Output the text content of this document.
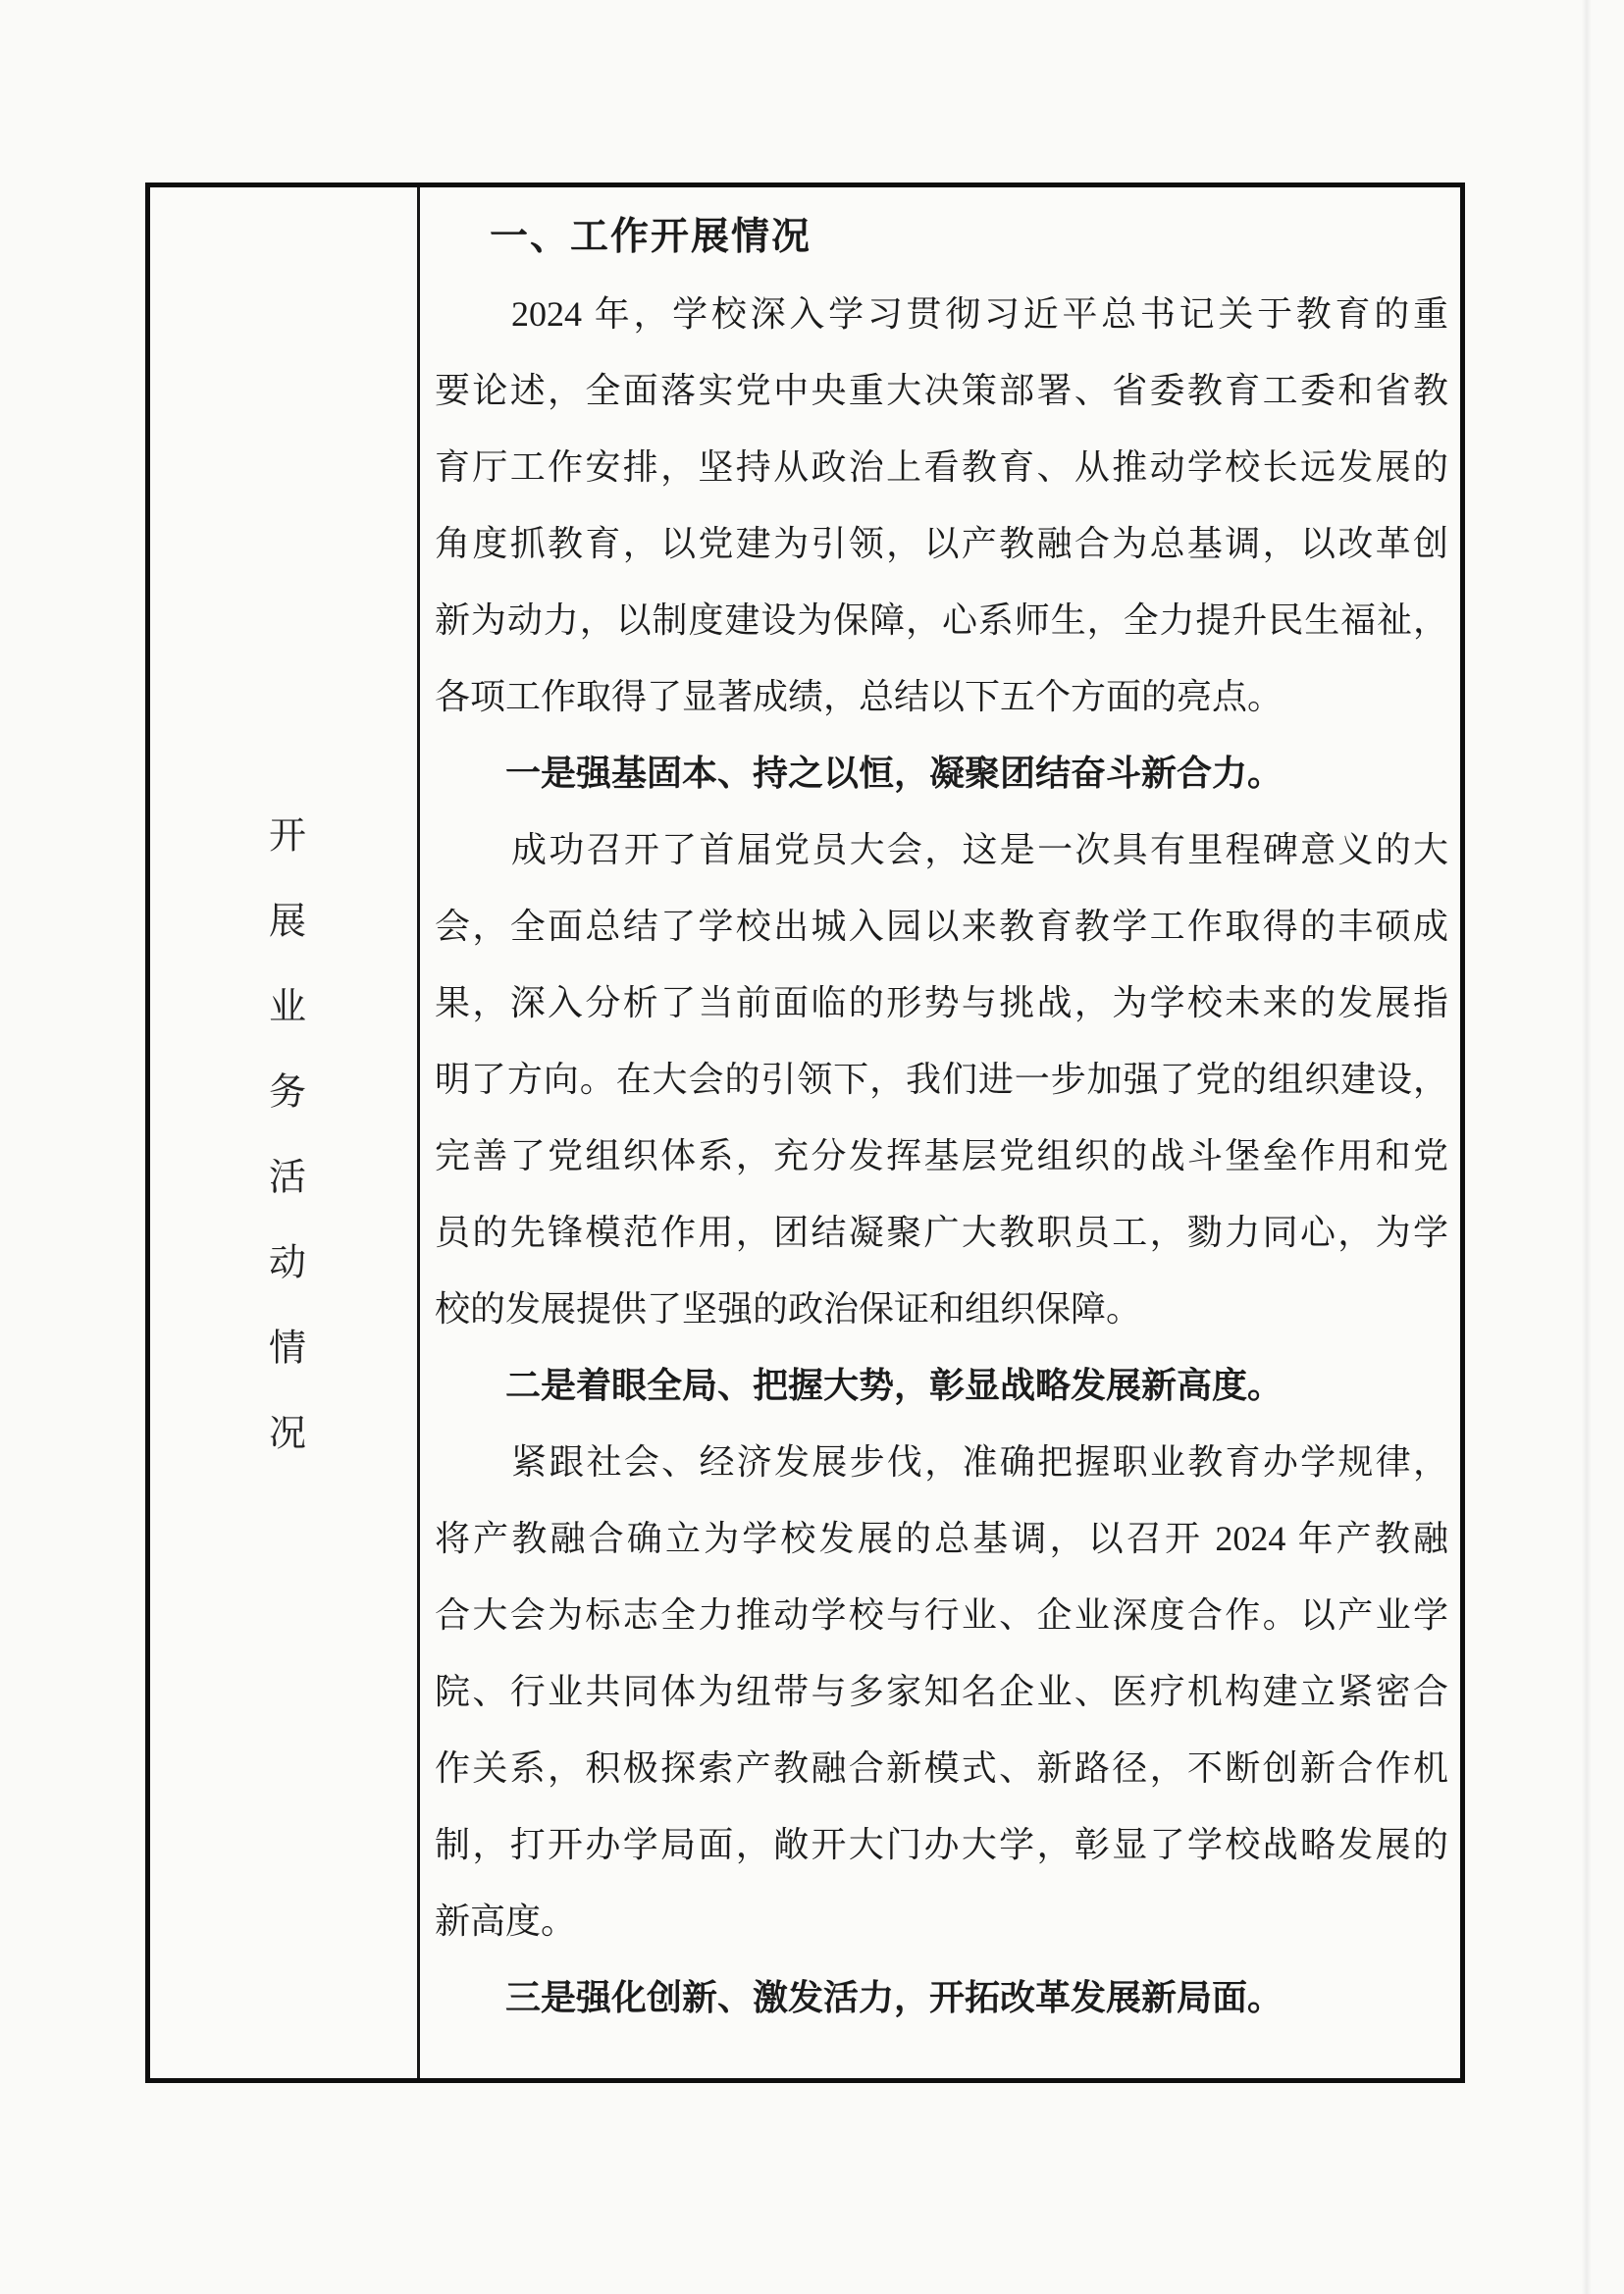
开展业务活动情况
一、工作开展情况
2024 年，学校深入学习贯彻习近平总书记关于教育的重
要论述，全面落实党中央重大决策部署、省委教育工委和省教
育厅工作安排，坚持从政治上看教育、从推动学校长远发展的
角度抓教育，以党建为引领，以产教融合为总基调，以改革创
新为动力，以制度建设为保障，心系师生，全力提升民生福祉，
各项工作取得了显著成绩，总结以下五个方面的亮点。
一是强基固本、持之以恒，凝聚团结奋斗新合力。
成功召开了首届党员大会，这是一次具有里程碑意义的大
会，全面总结了学校出城入园以来教育教学工作取得的丰硕成
果，深入分析了当前面临的形势与挑战，为学校未来的发展指
明了方向。在大会的引领下，我们进一步加强了党的组织建设，
完善了党组织体系，充分发挥基层党组织的战斗堡垒作用和党
员的先锋模范作用，团结凝聚广大教职员工，勠力同心，为学
校的发展提供了坚强的政治保证和组织保障。
二是着眼全局、把握大势，彰显战略发展新高度。
紧跟社会、经济发展步伐，准确把握职业教育办学规律，
将产教融合确立为学校发展的总基调，以召开 2024 年产教融
合大会为标志全力推动学校与行业、企业深度合作。以产业学
院、行业共同体为纽带与多家知名企业、医疗机构建立紧密合
作关系，积极探索产教融合新模式、新路径，不断创新合作机
制，打开办学局面，敞开大门办大学，彰显了学校战略发展的
新高度。
三是强化创新、激发活力，开拓改革发展新局面。
